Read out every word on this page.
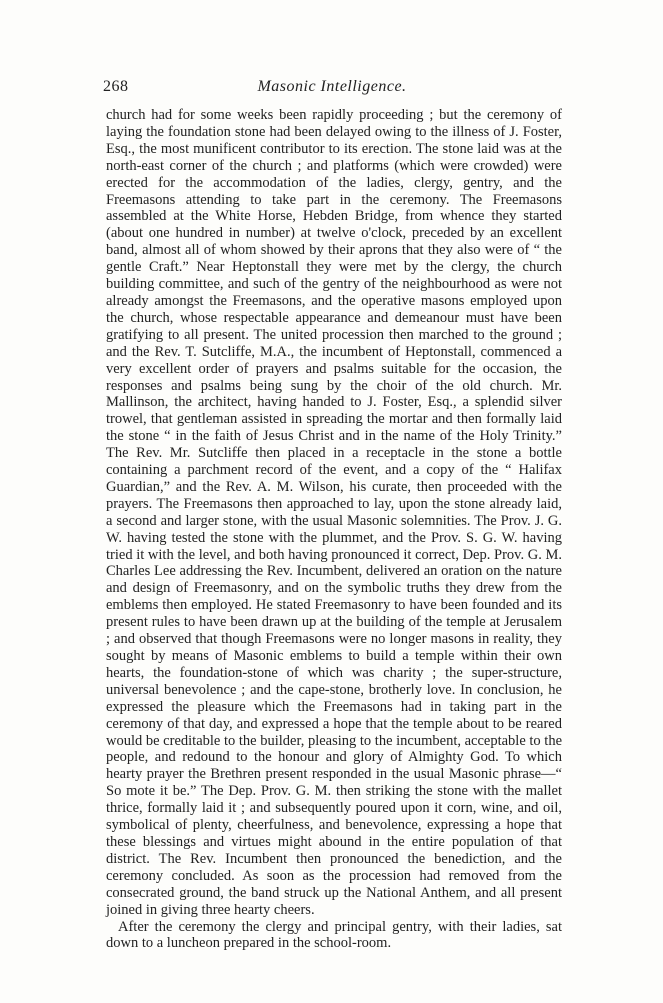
268	Masonic Intelligence.

church had for some weeks been rapidly proceeding ; but the ceremony of laying the foundation stone had been delayed owing to the illness of J. Foster, Esq., the most munificent contributor to its erection. The stone laid was at the north-east corner of the church ; and platforms (which were crowded) were erected for the accommodation of the ladies, clergy, gentry, and the Freemasons attending to take part in the ceremony. The Freemasons assembled at the White Horse, Hebden Bridge, from whence they started (about one hundred in number) at twelve o'clock, preceded by an excellent band, almost all of whom showed by their aprons that they also were of “ the gentle Craft.” Near Heptonstall they were met by the clergy, the church building committee, and such of the gentry of the neighbourhood as were not already amongst the Freemasons, and the operative masons employed upon the church, whose respectable appearance and demeanour must have been gratifying to all present. The united procession then marched to the ground ; and the Rev. T. Sutcliffe, M.A., the incumbent of Heptonstall, commenced a very excellent order of prayers and psalms suitable for the occasion, the responses and psalms being sung by the choir of the old church. Mr. Mallinson, the architect, having handed to J. Foster, Esq., a splendid silver trowel, that gentleman assisted in spreading the mortar and then formally laid the stone “ in the faith of Jesus Christ and in the name of the Holy Trinity.” The Rev. Mr. Sutcliffe then placed in a receptacle in the stone a bottle containing a parchment record of the event, and a copy of the “ Halifax Guardian,” and the Rev. A. M. Wilson, his curate, then proceeded with the prayers. The Freemasons then approached to lay, upon the stone already laid, a second and larger stone, with the usual Masonic solemnities. The Prov. J. G. W. having tested the stone with the plummet, and the Prov. S. G. W. having tried it with the level, and both having pronounced it correct, Dep. Prov. G. M. Charles Lee addressing the Rev. Incumbent, delivered an oration on the nature and design of Freemasonry, and on the symbolic truths they drew from the emblems then employed. He stated Freemasonry to have been founded and its present rules to have been drawn up at the building of the temple at Jerusalem ; and observed that though Freemasons were no longer masons in reality, they sought by means of Masonic emblems to build a temple within their own hearts, the foundation-stone of which was charity ; the super-structure, universal benevolence ; and the cape-stone, brotherly love. In conclusion, he expressed the pleasure which the Freemasons had in taking part in the ceremony of that day, and expressed a hope that the temple about to be reared would be creditable to the builder, pleasing to the incumbent, acceptable to the people, and redound to the honour and glory of Almighty God. To which hearty prayer the Brethren present responded in the usual Masonic phrase—“ So mote it be.” The Dep. Prov. G. M. then striking the stone with the mallet thrice, formally laid it ; and subsequently poured upon it corn, wine, and oil, symbolical of plenty, cheerfulness, and benevolence, expressing a hope that these blessings and virtues might abound in the entire population of that district. The Rev. Incumbent then pronounced the benediction, and the ceremony concluded. As soon as the procession had removed from the consecrated ground, the band struck up the National Anthem, and all present joined in giving three hearty cheers.

After the ceremony the clergy and principal gentry, with their ladies, sat down to a luncheon prepared in the school-room.
